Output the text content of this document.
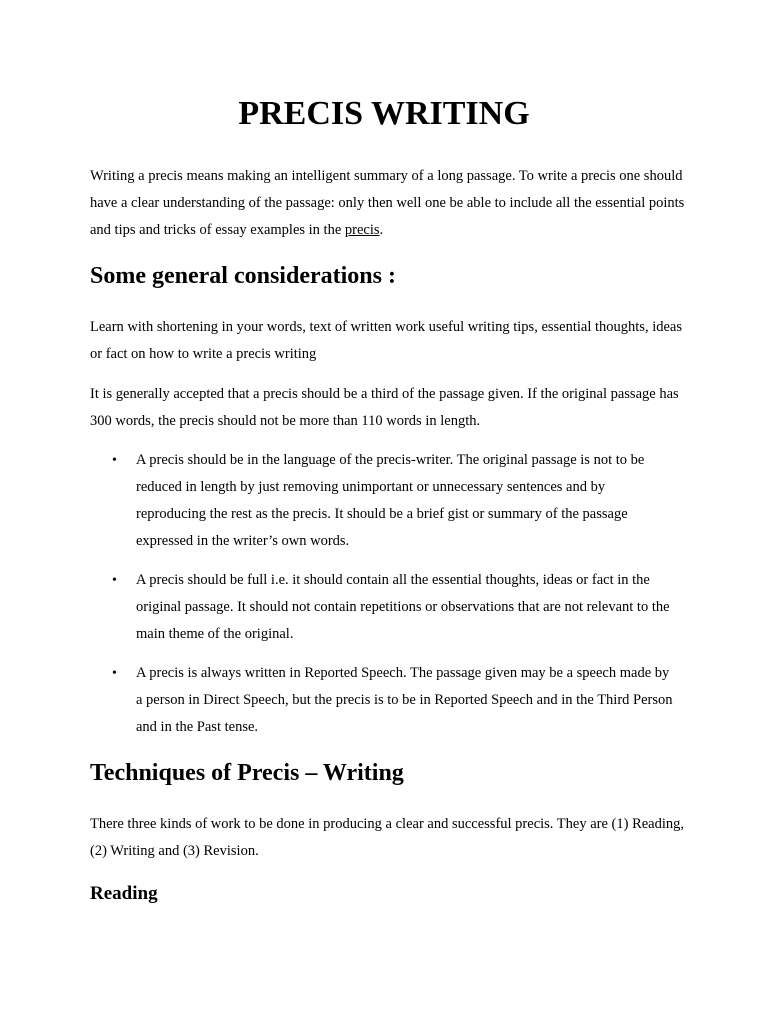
PRECIS WRITING

Writing a precis means making an intelligent summary of a long passage. To write a precis one should have a clear understanding of the passage: only then well one be able to include all the essential points and tips and tricks of essay examples in the precis.

Some general considerations :

Learn with shortening in your words, text of written work useful writing tips, essential thoughts, ideas or fact on how to write a precis writing

It is generally accepted that a precis should be a third of the passage given. If the original passage has 300 words, the precis should not be more than 110 words in length.

• A precis should be in the language of the precis-writer. The original passage is not to be reduced in length by just removing unimportant or unnecessary sentences and by reproducing the rest as the precis. It should be a brief gist or summary of the passage expressed in the writer’s own words.

• A precis should be full i.e. it should contain all the essential thoughts, ideas or fact in the original passage. It should not contain repetitions or observations that are not relevant to the main theme of the original.

• A precis is always written in Reported Speech. The passage given may be a speech made by a person in Direct Speech, but the precis is to be in Reported Speech and in the Third Person and in the Past tense.

Techniques of Precis – Writing

There three kinds of work to be done in producing a clear and successful precis. They are (1) Reading, (2) Writing and (3) Revision.

Reading
